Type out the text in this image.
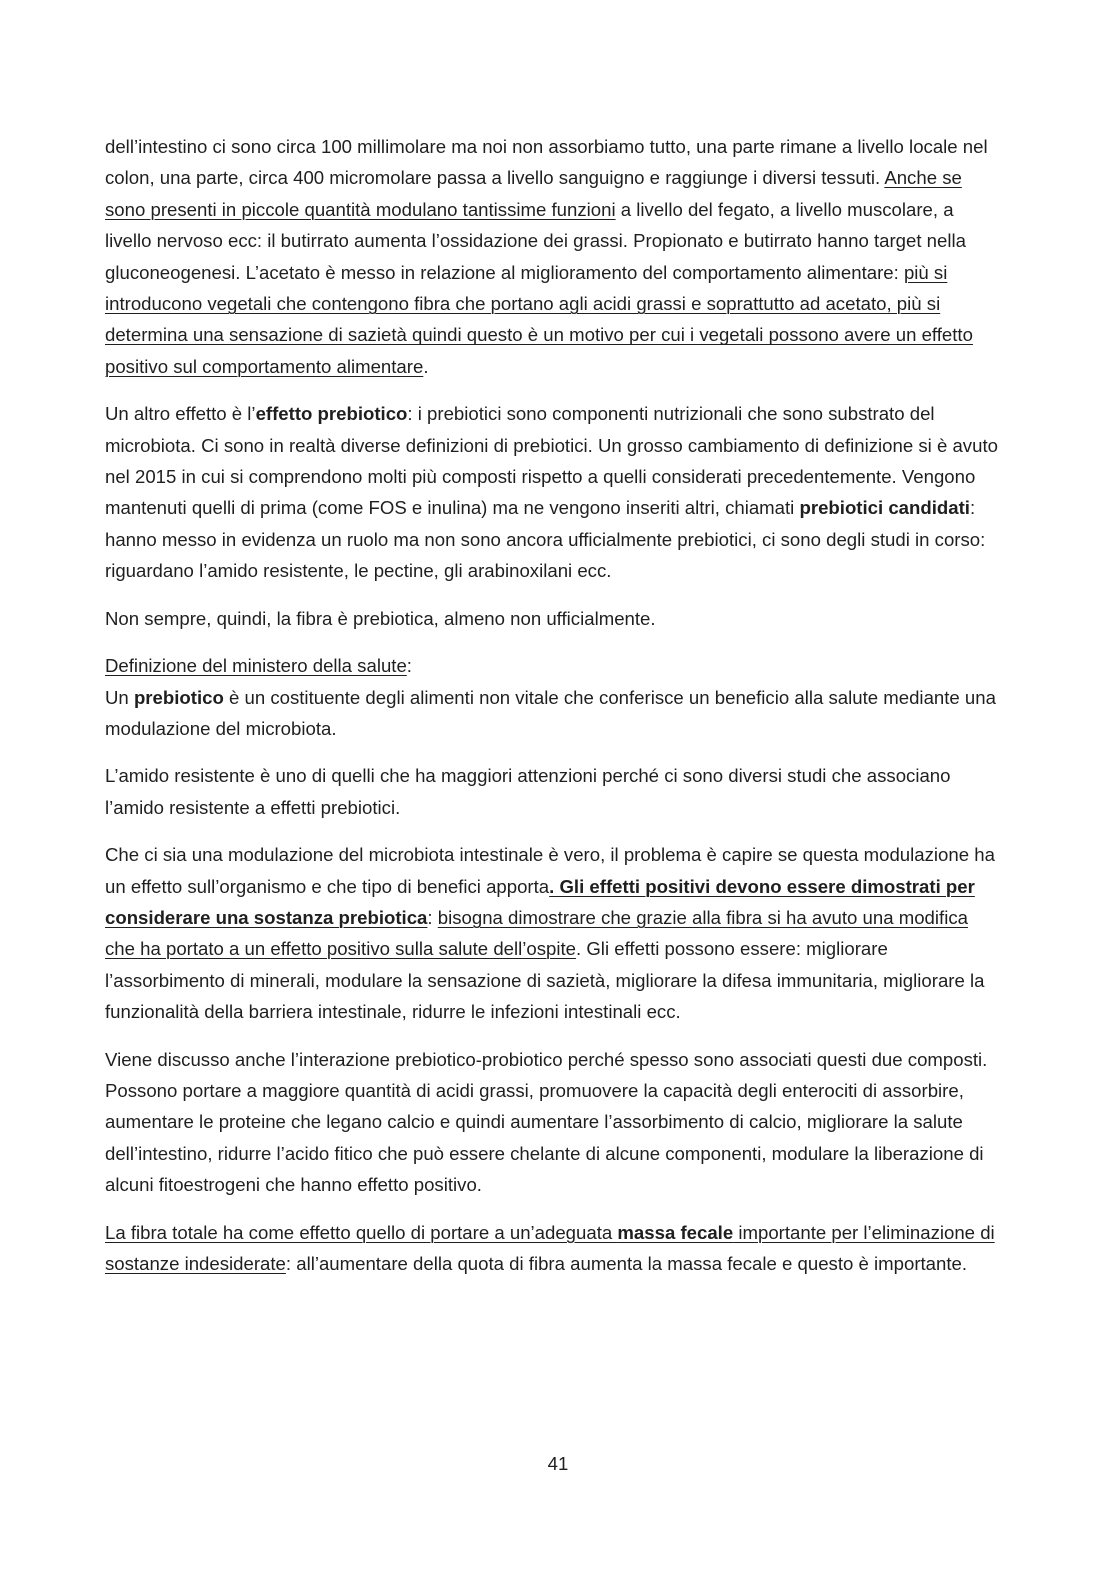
dell’intestino ci sono circa 100 millimolare ma noi non assorbiamo tutto, una parte rimane a livello locale nel colon, una parte, circa 400 micromolare passa a livello sanguigno e raggiunge i diversi tessuti. Anche se sono presenti in piccole quantità modulano tantissime funzioni a livello del fegato, a livello muscolare, a livello nervoso ecc: il butirrato aumenta l’ossidazione dei grassi. Propionato e butirrato hanno target nella gluconeogenesi. L’acetato è messo in relazione al miglioramento del comportamento alimentare: più si introducono vegetali che contengono fibra che portano agli acidi grassi e soprattutto ad acetato, più si determina una sensazione di sazietà quindi questo è un motivo per cui i vegetali possono avere un effetto positivo sul comportamento alimentare.

Un altro effetto è l’effetto prebiotico: i prebiotici sono componenti nutrizionali che sono substrato del microbiota. Ci sono in realtà diverse definizioni di prebiotici. Un grosso cambiamento di definizione si è avuto nel 2015 in cui si comprendono molti più composti rispetto a quelli considerati precedentemente. Vengono mantenuti quelli di prima (come FOS e inulina) ma ne vengono inseriti altri, chiamati prebiotici candidati: hanno messo in evidenza un ruolo ma non sono ancora ufficialmente prebiotici, ci sono degli studi in corso: riguardano l’amido resistente, le pectine, gli arabinoxilani ecc.

Non sempre, quindi, la fibra è prebiotica, almeno non ufficialmente.

Definizione del ministero della salute:
Un prebiotico è un costituente degli alimenti non vitale che conferisce un beneficio alla salute mediante una modulazione del microbiota.

L’amido resistente è uno di quelli che ha maggiori attenzioni perché ci sono diversi studi che associano l’amido resistente a effetti prebiotici.

Che ci sia una modulazione del microbiota intestinale è vero, il problema è capire se questa modulazione ha un effetto sull’organismo e che tipo di benefici apporta. Gli effetti positivi devono essere dimostrati per considerare una sostanza prebiotica: bisogna dimostrare che grazie alla fibra si ha avuto una modifica che ha portato a un effetto positivo sulla salute dell’ospite. Gli effetti possono essere: migliorare l’assorbimento di minerali, modulare la sensazione di sazietà, migliorare la difesa immunitaria, migliorare la funzionalità della barriera intestinale, ridurre le infezioni intestinali ecc.

Viene discusso anche l’interazione prebiotico-probiotico perché spesso sono associati questi due composti. Possono portare a maggiore quantità di acidi grassi, promuovere la capacità degli enterociti di assorbire, aumentare le proteine che legano calcio e quindi aumentare l’assorbimento di calcio, migliorare la salute dell’intestino, ridurre l’acido fitico che può essere chelante di alcune componenti, modulare la liberazione di alcuni fitoestrogeni che hanno effetto positivo.

La fibra totale ha come effetto quello di portare a un’adeguata massa fecale importante per l’eliminazione di sostanze indesiderate: all’aumentare della quota di fibra aumenta la massa fecale e questo è importante.

41
